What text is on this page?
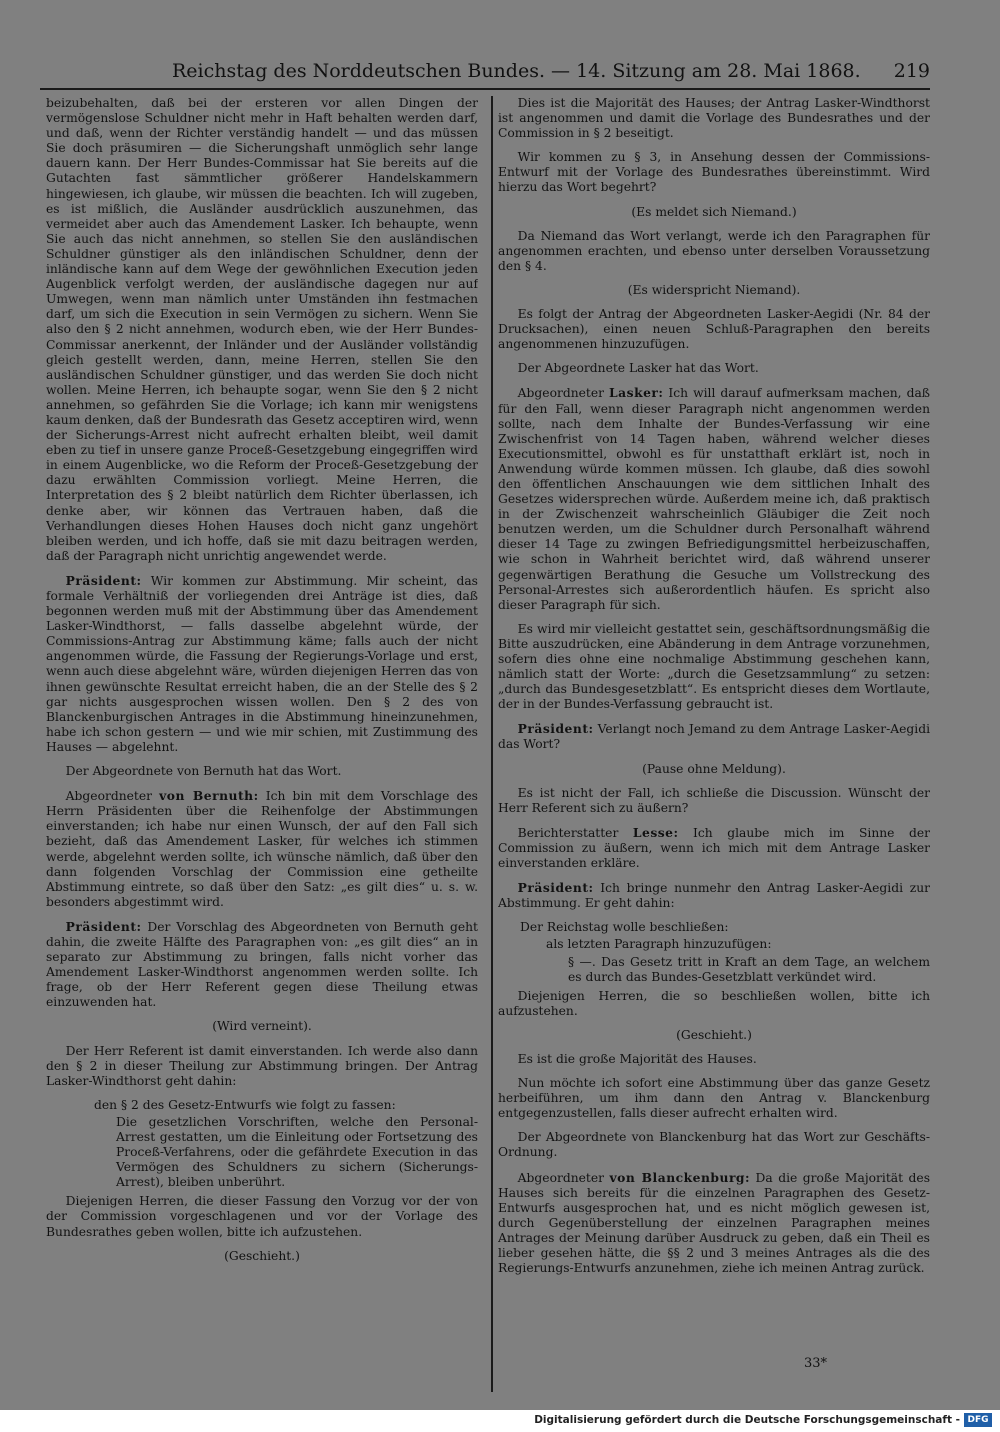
Reichstag des Norddeutschen Bundes. — 14. Sitzung am 28. Mai 1868. 219

beizubehalten, daß bei der ersteren vor allen Dingen der vermögenslose Schuldner nicht mehr in Haft behalten werden darf, und daß, wenn der Richter verständig handelt — und das müssen Sie doch präsumiren — die Sicherungshaft unmöglich sehr lange dauern kann. Der Herr Bundes-Commissar hat Sie bereits auf die Gutachten fast sämmtlicher größerer Handelskammern hingewiesen, ich glaube, wir müssen die beachten. Ich will zugeben, es ist mißlich, die Ausländer ausdrücklich auszunehmen, das vermeidet aber auch das Amendement Lasker. Ich behaupte, wenn Sie auch das nicht annehmen, so stellen Sie den ausländischen Schuldner günstiger als den inländischen Schuldner, denn der inländische kann auf dem Wege der gewöhnlichen Execution jeden Augenblick verfolgt werden, der ausländische dagegen nur auf Umwegen, wenn man nämlich unter Umständen ihn festmachen darf, um sich die Execution in sein Vermögen zu sichern. Wenn Sie also den § 2 nicht annehmen, wodurch eben, wie der Herr Bundes-Commissar anerkennt, der Inländer und der Ausländer vollständig gleich gestellt werden, dann, meine Herren, stellen Sie den ausländischen Schuldner günstiger, und das werden Sie doch nicht wollen. Meine Herren, ich behaupte sogar, wenn Sie den § 2 nicht annehmen, so gefährden Sie die Vorlage; ich kann mir wenigstens kaum denken, daß der Bundesrath das Gesetz acceptiren wird, wenn der Sicherungs-Arrest nicht aufrecht erhalten bleibt, weil damit eben zu tief in unsere ganze Proceß-Gesetzgebung eingegriffen wird in einem Augenblicke, wo die Reform der Proceß-Gesetzgebung der dazu erwählten Commission vorliegt. Meine Herren, die Interpretation des § 2 bleibt natürlich dem Richter überlassen, ich denke aber, wir können das Vertrauen haben, daß die Verhandlungen dieses Hohen Hauses doch nicht ganz ungehört bleiben werden, und ich hoffe, daß sie mit dazu beitragen werden, daß der Paragraph nicht unrichtig angewendet werde.

Präsident: Wir kommen zur Abstimmung. Mir scheint, das formale Verhältniß der vorliegenden drei Anträge ist dies, daß begonnen werden muß mit der Abstimmung über das Amendement Lasker-Windthorst, — falls dasselbe abgelehnt würde, der Commissions-Antrag zur Abstimmung käme; falls auch der nicht angenommen würde, die Fassung der Regierungs-Vorlage und erst, wenn auch diese abgelehnt wäre, würden diejenigen Herren das von ihnen gewünschte Resultat erreicht haben, die an der Stelle des § 2 gar nichts ausgesprochen wissen wollen. Den § 2 des von Blanckenburgischen Antrages in die Abstimmung hineinzunehmen, habe ich schon gestern — und wie mir schien, mit Zustimmung des Hauses — abgelehnt.

Der Abgeordnete von Bernuth hat das Wort.

Abgeordneter von Bernuth: Ich bin mit dem Vorschlage des Herrn Präsidenten über die Reihenfolge der Abstimmungen einverstanden; ich habe nur einen Wunsch, der auf den Fall sich bezieht, daß das Amendement Lasker, für welches ich stimmen werde, abgelehnt werden sollte, ich wünsche nämlich, daß über den dann folgenden Vorschlag der Commission eine getheilte Abstimmung eintrete, so daß über den Satz: „es gilt dies“ u. s. w. besonders abgestimmt wird.

Präsident: Der Vorschlag des Abgeordneten von Bernuth geht dahin, die zweite Hälfte des Paragraphen von: „es gilt dies“ an in separato zur Abstimmung zu bringen, falls nicht vorher das Amendement Lasker-Windthorst angenommen werden sollte. Ich frage, ob der Herr Referent gegen diese Theilung etwas einzuwenden hat.

(Wird verneint).

Der Herr Referent ist damit einverstanden. Ich werde also dann den § 2 in dieser Theilung zur Abstimmung bringen. Der Antrag Lasker-Windthorst geht dahin:

den § 2 des Gesetz-Entwurfs wie folgt zu fassen:

Die gesetzlichen Vorschriften, welche den Personal-Arrest gestatten, um die Einleitung oder Fortsetzung des Proceß-Verfahrens, oder die gefährdete Execution in das Vermögen des Schuldners zu sichern (Sicherungs-Arrest), bleiben unberührt.

Diejenigen Herren, die dieser Fassung den Vorzug vor der von der Commission vorgeschlagenen und vor der Vorlage des Bundesrathes geben wollen, bitte ich aufzustehen.

(Geschieht.)

Dies ist die Majorität des Hauses; der Antrag Lasker-Windthorst ist angenommen und damit die Vorlage des Bundesrathes und der Commission in § 2 beseitigt.

Wir kommen zu § 3, in Ansehung dessen der Commissions-Entwurf mit der Vorlage des Bundesrathes übereinstimmt. Wird hierzu das Wort begehrt?

(Es meldet sich Niemand.)

Da Niemand das Wort verlangt, werde ich den Paragraphen für angenommen erachten, und ebenso unter derselben Voraussetzung den § 4.

(Es widerspricht Niemand).

Es folgt der Antrag der Abgeordneten Lasker-Aegidi (Nr. 84 der Drucksachen), einen neuen Schluß-Paragraphen den bereits angenommenen hinzuzufügen.

Der Abgeordnete Lasker hat das Wort.

Abgeordneter Lasker: Ich will darauf aufmerksam machen, daß für den Fall, wenn dieser Paragraph nicht angenommen werden sollte, nach dem Inhalte der Bundes-Verfassung wir eine Zwischenfrist von 14 Tagen haben, während welcher dieses Executionsmittel, obwohl es für unstatthaft erklärt ist, noch in Anwendung würde kommen müssen. Ich glaube, daß dies sowohl den öffentlichen Anschauungen wie dem sittlichen Inhalt des Gesetzes widersprechen würde. Außerdem meine ich, daß praktisch in der Zwischenzeit wahrscheinlich Gläubiger die Zeit noch benutzen werden, um die Schuldner durch Personalhaft während dieser 14 Tage zu zwingen Befriedigungsmittel herbeizuschaffen, wie schon in Wahrheit berichtet wird, daß während unserer gegenwärtigen Berathung die Gesuche um Vollstreckung des Personal-Arrestes sich außerordentlich häufen. Es spricht also dieser Paragraph für sich.

Es wird mir vielleicht gestattet sein, geschäftsordnungsmäßig die Bitte auszudrücken, eine Abänderung in dem Antrage vorzunehmen, sofern dies ohne eine nochmalige Abstimmung geschehen kann, nämlich statt der Worte: „durch die Gesetzsammlung“ zu setzen: „durch das Bundesgesetzblatt“. Es entspricht dieses dem Wortlaute, der in der Bundes-Verfassung gebraucht ist.

Präsident: Verlangt noch Jemand zu dem Antrage Lasker-Aegidi das Wort?

(Pause ohne Meldung).

Es ist nicht der Fall, ich schließe die Discussion. Wünscht der Herr Referent sich zu äußern?

Berichterstatter Lesse: Ich glaube mich im Sinne der Commission zu äußern, wenn ich mich mit dem Antrage Lasker einverstanden erkläre.

Präsident: Ich bringe nunmehr den Antrag Lasker-Aegidi zur Abstimmung. Er geht dahin:

Der Reichstag wolle beschließen:

als letzten Paragraph hinzuzufügen:

§ —. Das Gesetz tritt in Kraft an dem Tage, an welchem es durch das Bundes-Gesetzblatt verkündet wird.

Diejenigen Herren, die so beschließen wollen, bitte ich aufzustehen.

(Geschieht.)

Es ist die große Majorität des Hauses.

Nun möchte ich sofort eine Abstimmung über das ganze Gesetz herbeiführen, um ihm dann den Antrag v. Blanckenburg entgegenzustellen, falls dieser aufrecht erhalten wird.

Der Abgeordnete von Blanckenburg hat das Wort zur Geschäfts-Ordnung.

Abgeordneter von Blanckenburg: Da die große Majorität des Hauses sich bereits für die einzelnen Paragraphen des Gesetz-Entwurfs ausgesprochen hat, und es nicht möglich gewesen ist, durch Gegenüberstellung der einzelnen Paragraphen meines Antrages der Meinung darüber Ausdruck zu geben, daß ein Theil es lieber gesehen hätte, die §§ 2 und 3 meines Antrages als die des Regierungs-Entwurfs anzunehmen, ziehe ich meinen Antrag zurück.

33*
Digitalisierung gefördert durch die Deutsche Forschungsgemeinschaft - DFG
